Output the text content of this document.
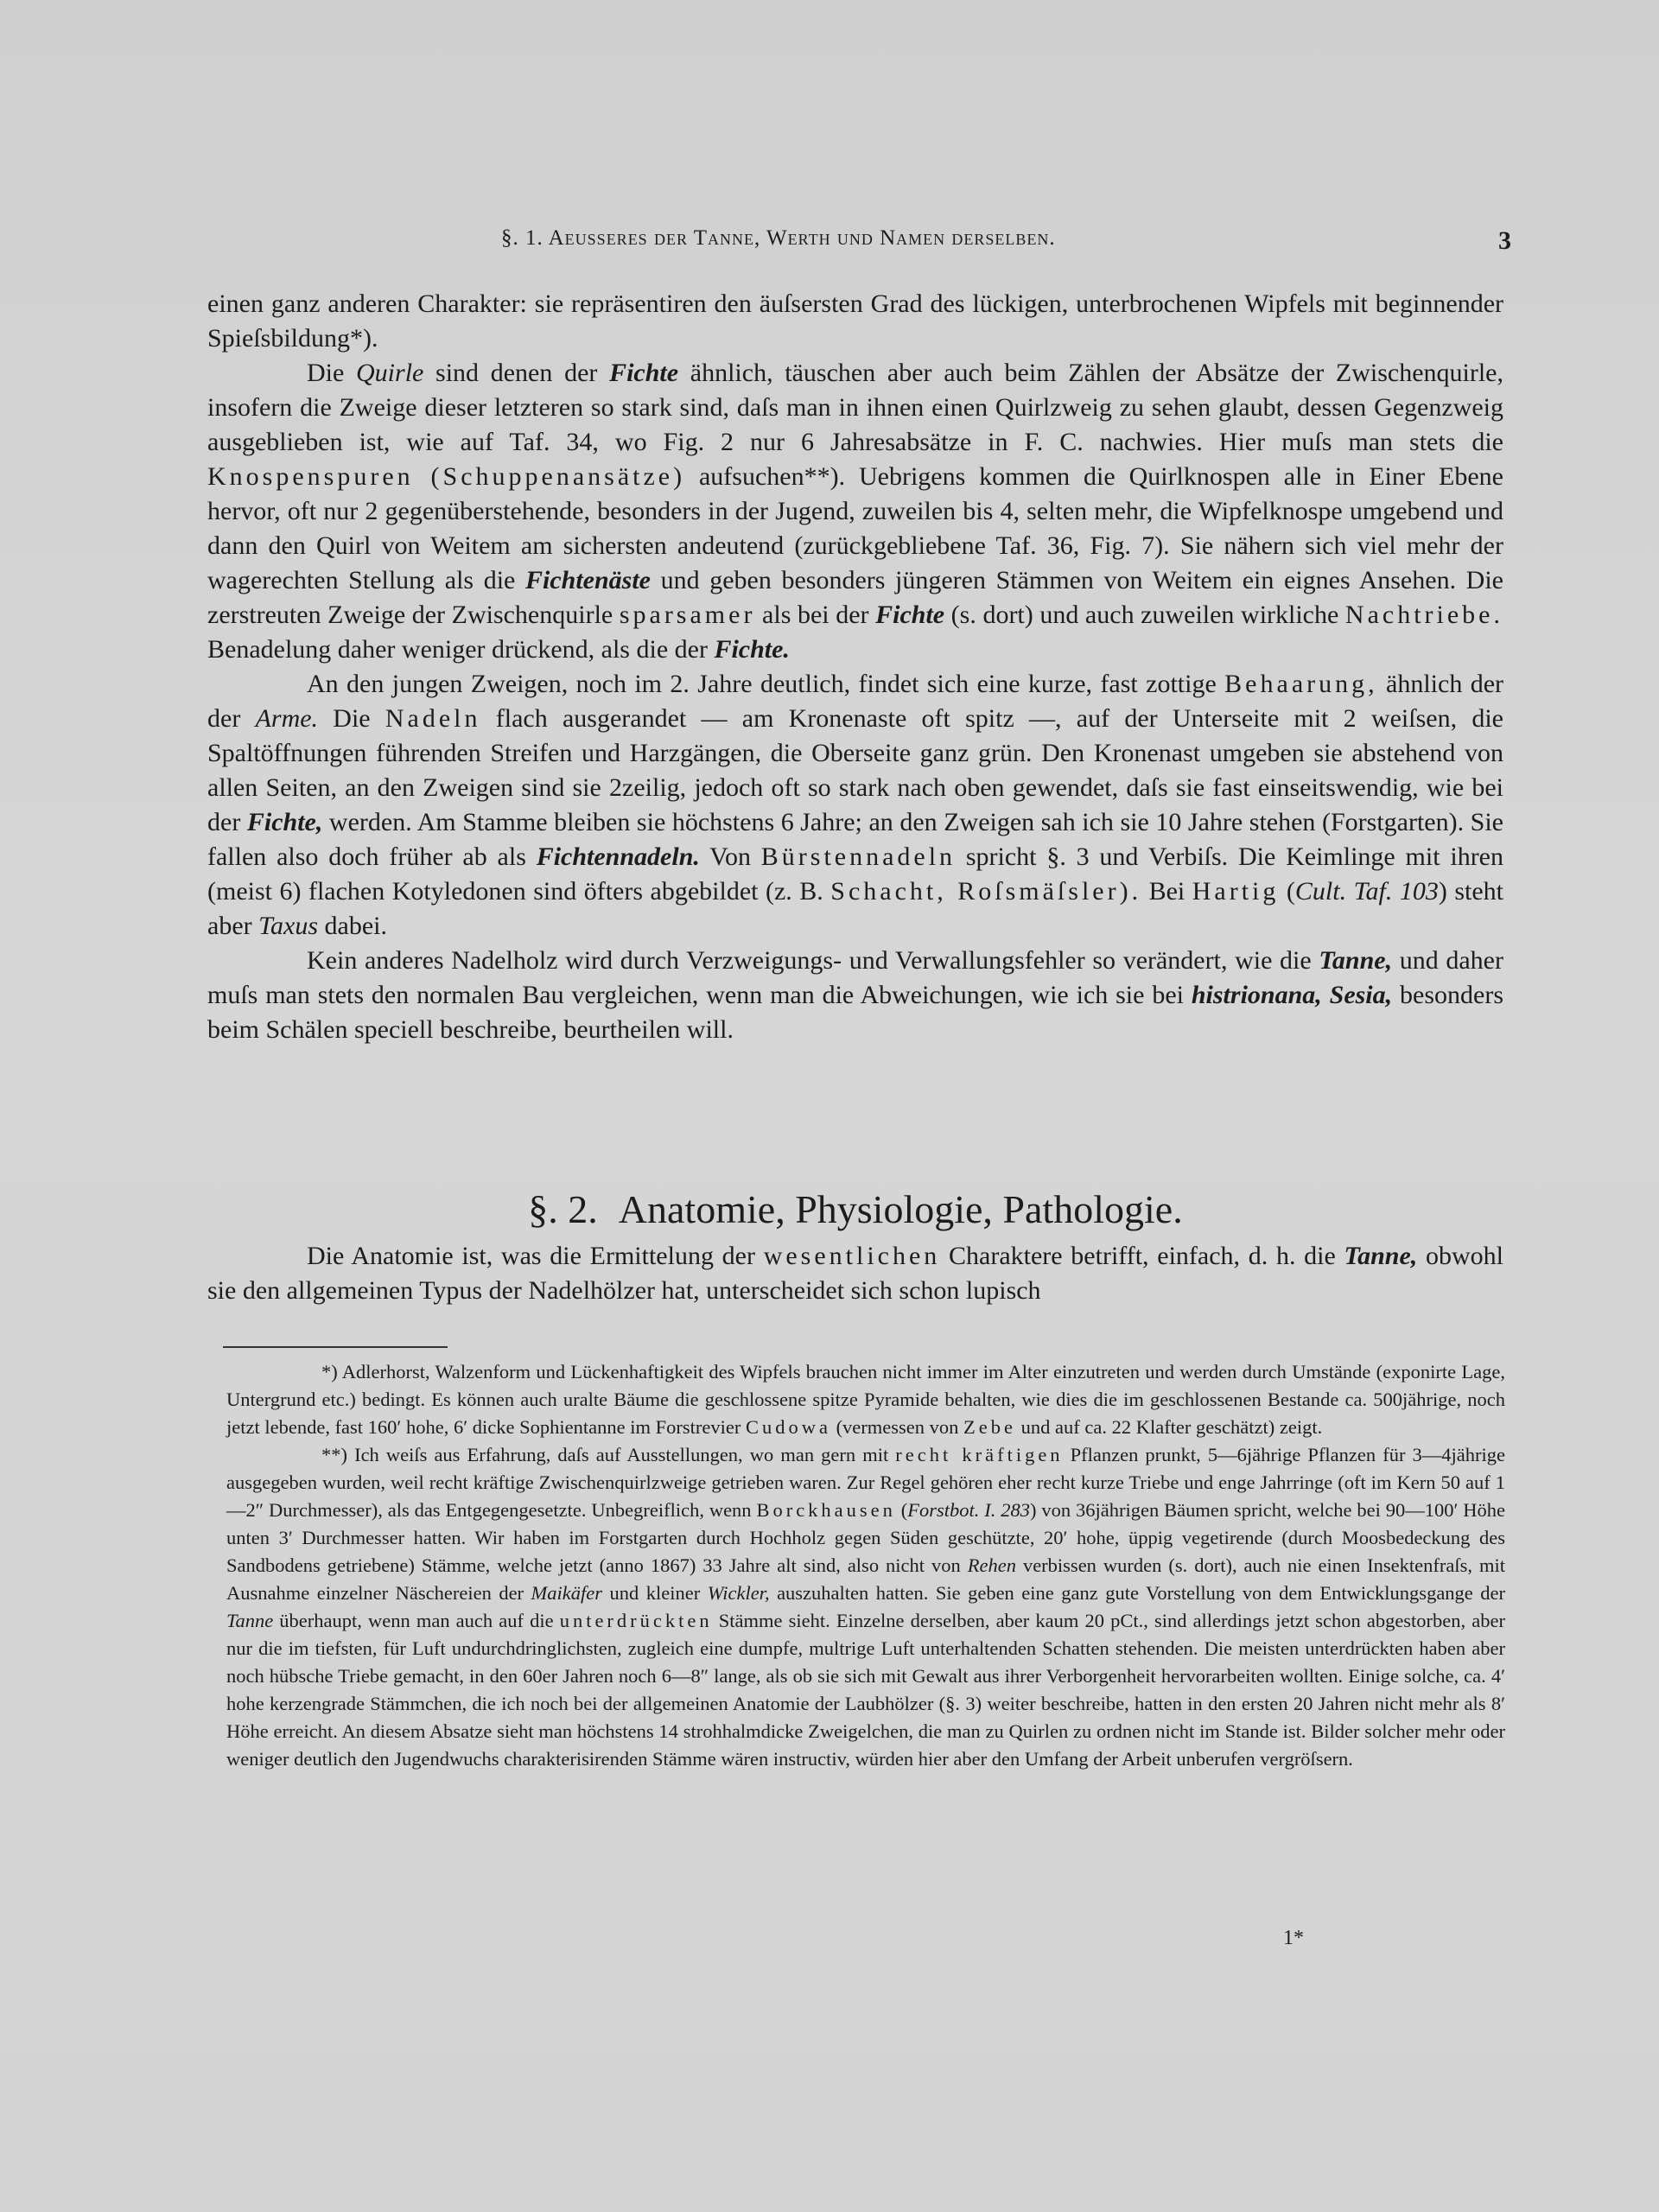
§. 1. Aeusseres der Tanne, Werth und Namen derselben.	3

einen ganz anderen Charakter: sie repräsentiren den äuſsersten Grad des lückigen, unterbrochenen Wipfels mit beginnender Spieſsbildung*).

Die Quirle sind denen der Fichte ähnlich, täuschen aber auch beim Zählen der Absätze der Zwischenquirle, insofern die Zweige dieser letzteren so stark sind, daſs man in ihnen einen Quirlzweig zu sehen glaubt, dessen Gegenzweig ausgeblieben ist, wie auf Taf. 34, wo Fig. 2 nur 6 Jahresabsätze in F. C. nachwies. Hier muſs man stets die Knospenspuren (Schuppenansätze) aufsuchen**). Uebrigens kommen die Quirlknospen alle in Einer Ebene hervor, oft nur 2 gegenüberstehende, besonders in der Jugend, zuweilen bis 4, selten mehr, die Wipfelknospe umgebend und dann den Quirl von Weitem am sichersten andeutend (zurückgebliebene Taf. 36, Fig. 7). Sie nähern sich viel mehr der wagerechten Stellung als die Fichtenäste und geben besonders jüngeren Stämmen von Weitem ein eignes Ansehen. Die zerstreuten Zweige der Zwischenquirle sparsamer als bei der Fichte (s. dort) und auch zuweilen wirkliche Nachtriebe. Benadelung daher weniger drückend, als die der Fichte.

An den jungen Zweigen, noch im 2. Jahre deutlich, findet sich eine kurze, fast zottige Behaarung, ähnlich der der Arme. Die Nadeln flach ausgerandet — am Kronenaste oft spitz —, auf der Unterseite mit 2 weiſsen, die Spaltöffnungen führenden Streifen und Harzgängen, die Oberseite ganz grün. Den Kronenast umgeben sie abstehend von allen Seiten, an den Zweigen sind sie 2zeilig, jedoch oft so stark nach oben gewendet, daſs sie fast einseitswendig, wie bei der Fichte, werden. Am Stamme bleiben sie höchstens 6 Jahre; an den Zweigen sah ich sie 10 Jahre stehen (Forstgarten). Sie fallen also doch früher ab als Fichtennadeln. Von Bürstennadeln spricht §. 3 und Verbiſs. Die Keimlinge mit ihren (meist 6) flachen Kotyledonen sind öfters abgebildet (z. B. Schacht, Roſsmäſsler). Bei Hartig (Cult. Taf. 103) steht aber Taxus dabei.

Kein anderes Nadelholz wird durch Verzweigungs- und Verwallungsfehler so verändert, wie die Tanne, und daher muſs man stets den normalen Bau vergleichen, wenn man die Abweichungen, wie ich sie bei histrionana, Sesia, besonders beim Schälen speciell beschreibe, beurtheilen will.

§. 2. Anatomie, Physiologie, Pathologie.

Die Anatomie ist, was die Ermittelung der wesentlichen Charaktere betrifft, einfach, d. h. die Tanne, obwohl sie den allgemeinen Typus der Nadelhölzer hat, unterscheidet sich schon lupisch

*) Adlerhorst, Walzenform und Lückenhaftigkeit des Wipfels brauchen nicht immer im Alter einzutreten und werden durch Umstände (exponirte Lage, Untergrund etc.) bedingt. Es können auch uralte Bäume die geschlossene spitze Pyramide behalten, wie dies die im geschlossenen Bestande ca. 500jährige, noch jetzt lebende, fast 160′ hohe, 6′ dicke Sophientanne im Forstrevier Cudowa (vermessen von Zebe und auf ca. 22 Klafter geschätzt) zeigt.

**) Ich weiſs aus Erfahrung, daſs auf Ausstellungen, wo man gern mit recht kräftigen Pflanzen prunkt, 5—6jährige Pflanzen für 3—4jährige ausgegeben wurden, weil recht kräftige Zwischenquirlzweige getrieben waren. Zur Regel gehören eher recht kurze Triebe und enge Jahrringe (oft im Kern 50 auf 1—2″ Durchmesser), als das Entgegengesetzte. Unbegreiflich, wenn Borckhausen (Forstbot. I. 283) von 36jährigen Bäumen spricht, welche bei 90—100′ Höhe unten 3′ Durchmesser hatten. Wir haben im Forstgarten durch Hochholz gegen Süden geschützte, 20′ hohe, üppig vegetirende (durch Moosbedeckung des Sandbodens getriebene) Stämme, welche jetzt (anno 1867) 33 Jahre alt sind, also nicht von Rehen verbissen wurden (s. dort), auch nie einen Insektenfraſs, mit Ausnahme einzelner Näschereien der Maikäfer und kleiner Wickler, auszuhalten hatten. Sie geben eine ganz gute Vorstellung von dem Entwicklungsgange der Tanne überhaupt, wenn man auch auf die unterdrückten Stämme sieht. Einzelne derselben, aber kaum 20 pCt., sind allerdings jetzt schon abgestorben, aber nur die im tiefsten, für Luft undurchdringlichsten, zugleich eine dumpfe, multrige Luft unterhaltenden Schatten stehenden. Die meisten unterdrückten haben aber noch hübsche Triebe gemacht, in den 60er Jahren noch 6—8″ lange, als ob sie sich mit Gewalt aus ihrer Verborgenheit hervorarbeiten wollten. Einige solche, ca. 4′ hohe kerzengrade Stämmchen, die ich noch bei der allgemeinen Anatomie der Laubhölzer (§. 3) weiter beschreibe, hatten in den ersten 20 Jahren nicht mehr als 8′ Höhe erreicht. An diesem Absatze sieht man höchstens 14 strohhalmdicke Zweigelchen, die man zu Quirlen zu ordnen nicht im Stande ist. Bilder solcher mehr oder weniger deutlich den Jugendwuchs charakterisirenden Stämme wären instructiv, würden hier aber den Umfang der Arbeit unberufen vergröſsern.

1*
